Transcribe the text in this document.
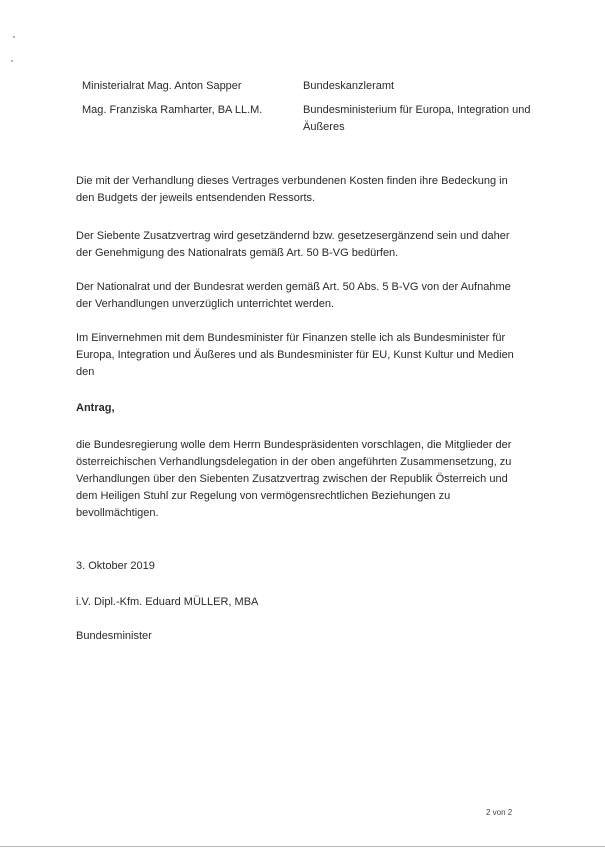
Ministerialrat Mag. Anton Sapper	Bundeskanzleramt
Mag. Franziska Ramharter, BA LL.M.	Bundesministerium für Europa, Integration und Äußeres

Die mit der Verhandlung dieses Vertrages verbundenen Kosten finden ihre Bedeckung in den Budgets der jeweils entsendenden Ressorts.

Der Siebente Zusatzvertrag wird gesetzändernd bzw. gesetzesergänzend sein und daher der Genehmigung des Nationalrats gemäß Art. 50 B-VG bedürfen.

Der Nationalrat und der Bundesrat werden gemäß Art. 50 Abs. 5 B-VG von der Aufnahme der Verhandlungen unverzüglich unterrichtet werden.

Im Einvernehmen mit dem Bundesminister für Finanzen stelle ich als Bundesminister für Europa, Integration und Äußeres und als Bundesminister für EU, Kunst Kultur und Medien den

Antrag,

die Bundesregierung wolle dem Herrn Bundespräsidenten vorschlagen, die Mitglieder der österreichischen Verhandlungsdelegation in der oben angeführten Zusammensetzung, zu Verhandlungen über den Siebenten Zusatzvertrag zwischen der Republik Österreich und dem Heiligen Stuhl zur Regelung von vermögensrechtlichen Beziehungen zu bevollmächtigen.

3. Oktober 2019

i.V. Dipl.-Kfm. Eduard MÜLLER, MBA

Bundesminister

2 von 2
